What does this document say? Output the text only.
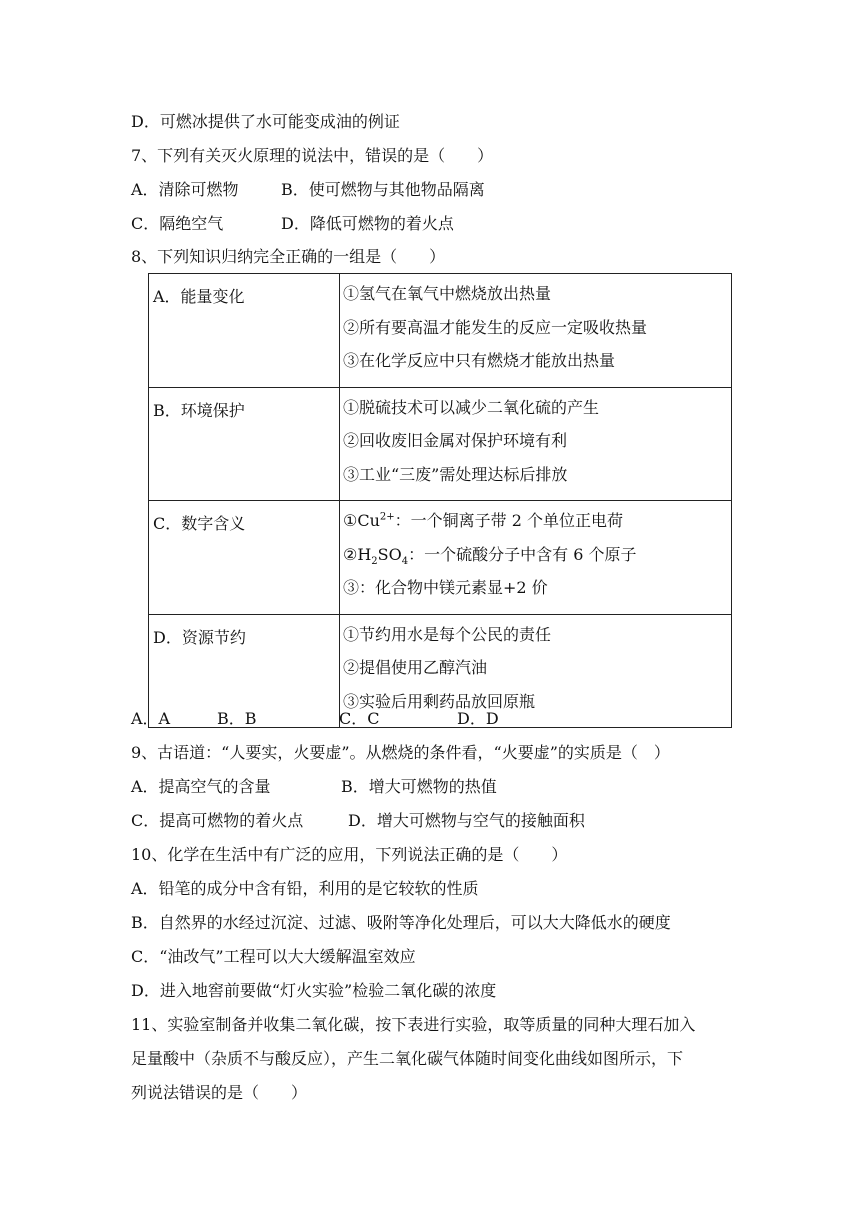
D．可燃冰提供了水可能变成油的例证
7、下列有关灭火原理的说法中，错误的是（　　）
A．清除可燃物	B．使可燃物与其他物品隔离
C．隔绝空气	D．降低可燃物的着火点
8、下列知识归纳完全正确的一组是（　　）
A．能量变化	①氢气在氧气中燃烧放出热量
②所有要高温才能发生的反应一定吸收热量
③在化学反应中只有燃烧才能放出热量

B．环境保护	①脱硫技术可以减少二氧化硫的产生
②回收废旧金属对保护环境有利
③工业“三废”需处理达标后排放

C．数字含义	$①Cu^{2+}$：一个铜离子带 2 个单位正电荷
$②H_2SO_4$：一个硫酸分子中含有 6 个原子
③：化合物中镁元素显+2 价

D．资源节约	①节约用水是每个公民的责任
②提倡使用乙醇汽油
③实验后用剩药品放回原瓶
A．A	B．B	C．C	D．D
9、古语道：“人要实，火要虚”。从燃烧的条件看，“火要虚”的实质是（　）
A．提高空气的含量	B．增大可燃物的热值
C．提高可燃物的着火点	D．增大可燃物与空气的接触面积
10、化学在生活中有广泛的应用，下列说法正确的是（　　）
A．铅笔的成分中含有铅，利用的是它较软的性质
B．自然界的水经过沉淀、过滤、吸附等净化处理后，可以大大降低水的硬度
C．“油改气”工程可以大大缓解温室效应
D．进入地窖前要做“灯火实验”检验二氧化碳的浓度
11、实验室制备并收集二氧化碳，按下表进行实验，取等质量的同种大理石加入
足量酸中（杂质不与酸反应），产生二氧化碳气体随时间变化曲线如图所示，下
列说法错误的是（　　）
